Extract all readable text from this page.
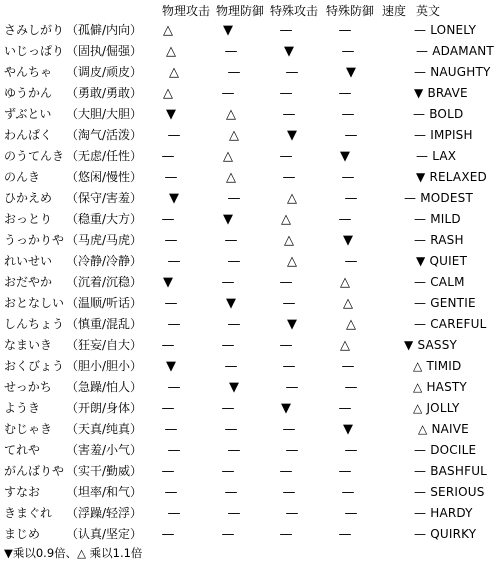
物理攻击 物理防御 特殊攻击 特殊防御 速度 英文
さみしがり （孤僻/内向）	△	▼	—	—	— LONELY
いじっぱり （固执/倔强）	△	—	▼	—	— ADAMANT
やんちゃ （调皮/顽皮）	△	—	—	▼	— NAUGHTY
ゆうかん （勇敢/勇敢）	△	—	—	—	▼ BRAVE
ずぶとい （大胆/大胆）	▼	△	—	—	— BOLD
わんぱく （淘气/活泼） —	△	▼	—	— IMPISH
のうてんき （无虑/任性） —	△	—	▼	— LAX
のんき （悠闲/慢性） —	△	—	—	▼ RELAXED
ひかえめ （保守/害羞）	▼	—	△	—	— MODEST
おっとり （稳重/大方） —	▼	△	—	— MILD
うっかりや （马虎/马虎） —	—	△	▼	— RASH
れいせい （冷静/冷静） —	—	△	—	▼ QUIET
おだやか （沉着/沉稳）	▼	—	—	△	— CALM
おとなしい （温顺/听话） —	▼	—	△	— GENTIE
しんちょう （慎重/混乱） —	—	▼	△	— CAREFUL
なまいき （狂妄/自大） —	—	—	△	▼ SASSY
おくびょう （胆小/胆小）	▼	—	—	—	△ TIMID
せっかち （急躁/怕人） —	▼	—	—	△ HASTY
ようき （开朗/身体） —	—	▼	—	△ JOLLY
むじゃき （天真/纯真） —	—	—	▼	△ NAIVE
てれや （害羞/小气） —	—	—	—	— DOCILE
がんばりや （实干/勤威） —	—	—	—	— BASHFUL
すなお （坦率/和气） —	—	—	—	— SERIOUS
きまぐれ （浮躁/轻浮） —	—	—	—	— HARDY
まじめ （认真/坚定） —	—	—	—	— QUIRKY
▼乘以0.9倍、△ 乘以1.1倍
